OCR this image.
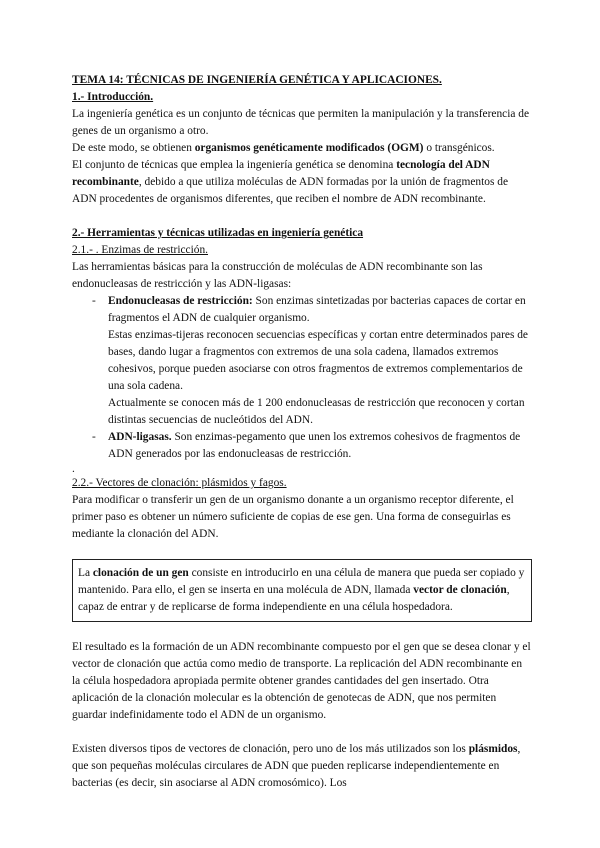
TEMA 14: TÉCNICAS DE INGENIERÍA GENÉTICA Y APLICACIONES.

1.- Introducción.

La ingeniería genética es un conjunto de técnicas que permiten la manipulación y la transferencia de genes de un organismo a otro.

De este modo, se obtienen organismos genéticamente modificados (OGM) o transgénicos.

El conjunto de técnicas que emplea la ingeniería genética se denomina tecnología del ADN recombinante, debido a que utiliza moléculas de ADN formadas por la unión de fragmentos de ADN procedentes de organismos diferentes, que reciben el nombre de ADN recombinante.

2.- Herramientas y técnicas utilizadas en ingeniería genética

2.1.- . Enzimas de restricción.

Las herramientas básicas para la construcción de moléculas de ADN recombinante son las endonucleasas de restricción y las ADN-ligasas:

- Endonucleasas de restricción: Son enzimas sintetizadas por bacterias capaces de cortar en fragmentos el ADN de cualquier organismo.

Estas enzimas-tijeras reconocen secuencias específicas y cortan entre determinados pares de bases, dando lugar a fragmentos con extremos de una sola cadena, llamados extremos cohesivos, porque pueden asociarse con otros fragmentos de extremos complementarios de una sola cadena.

Actualmente se conocen más de 1 200 endonucleasas de restricción que reconocen y cortan distintas secuencias de nucleótidos del ADN.

- ADN-ligasas. Son enzimas-pegamento que unen los extremos cohesivos de fragmentos de ADN generados por las endonucleasas de restricción.

.

2.2.- Vectores de clonación: plásmidos y fagos.

Para modificar o transferir un gen de un organismo donante a un organismo receptor diferente, el primer paso es obtener un número suficiente de copias de ese gen. Una forma de conseguirlas es mediante la clonación del ADN.

La clonación de un gen consiste en introducirlo en una célula de manera que pueda ser copiado y mantenido. Para ello, el gen se inserta en una molécula de ADN, llamada vector de clonación, capaz de entrar y de replicarse de forma independiente en una célula hospedadora.

El resultado es la formación de un ADN recombinante compuesto por el gen que se desea clonar y el vector de clonación que actúa como medio de transporte. La replicación del ADN recombinante en la célula hospedadora apropiada permite obtener grandes cantidades del gen insertado. Otra aplicación de la clonación molecular es la obtención de genotecas de ADN, que nos permiten guardar indefinidamente todo el ADN de un organismo.

Existen diversos tipos de vectores de clonación, pero uno de los más utilizados son los plásmidos, que son pequeñas moléculas circulares de ADN que pueden replicarse independientemente en bacterias (es decir, sin asociarse al ADN cromosómico). Los
